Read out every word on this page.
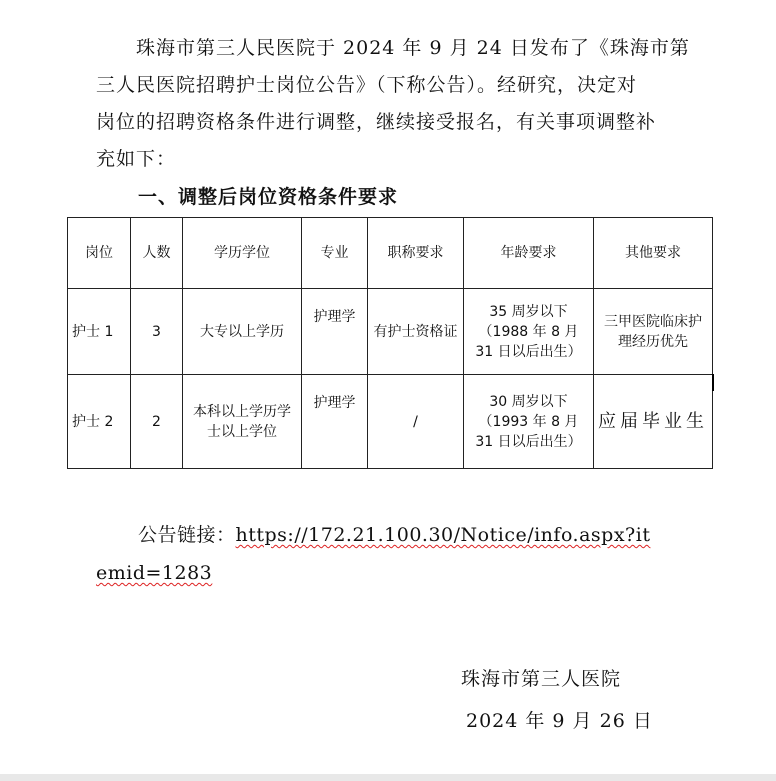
珠海市第三人民医院于 2024 年 9 月 24 日发布了《珠海市第
三人民医院招聘护士岗位公告》（下称公告）。经研究，决定对
岗位的招聘资格条件进行调整，继续接受报名，有关事项调整补
充如下：
一、调整后岗位资格条件要求
岗位	人数	学历学位	专业	职称要求	年龄要求	其他要求
护士 1	3	大专以上学历	护理学	有护士资格证	35 周岁以下（1988 年 8 月 31 日以后出生）	三甲医院临床护理经历优先
护士 2	2	本科以上学历学士以上学位	护理学	/	30 周岁以下（1993 年 8 月 31 日以后出生）	应届毕业生
公告链接：https://172.21.100.30/Notice/info.aspx?it
emid=1283
珠海市第三人医院
2024 年 9 月 26 日
